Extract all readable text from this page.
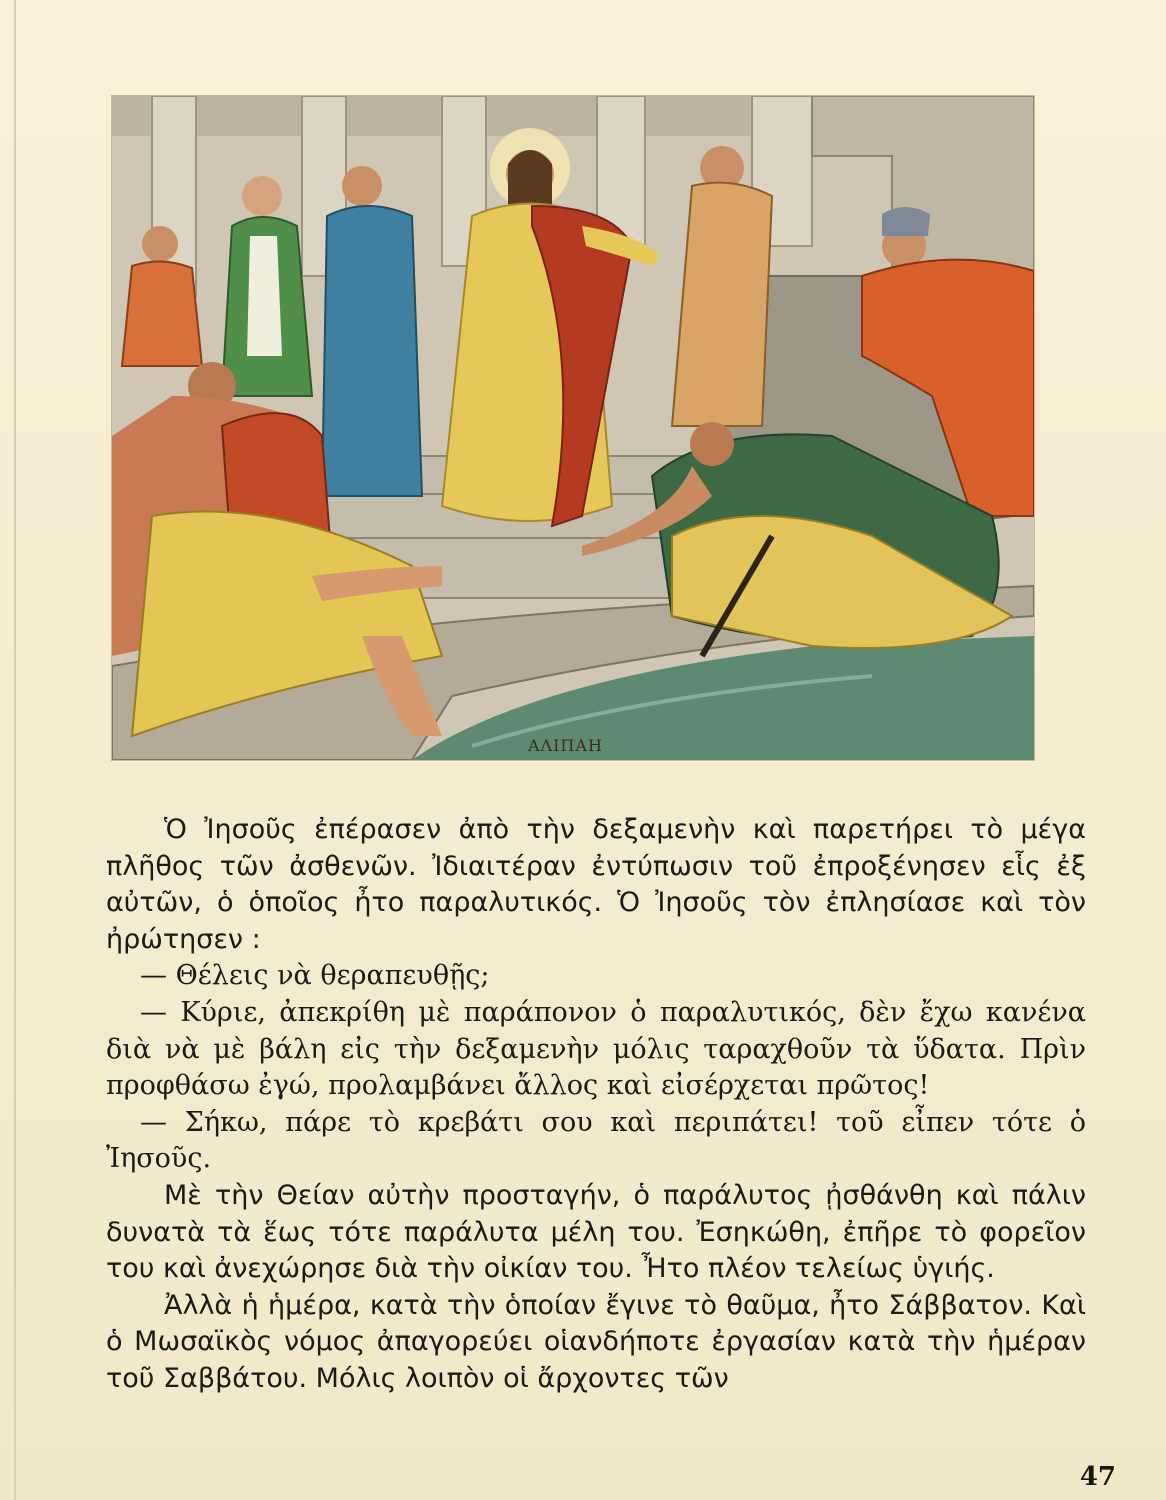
ΑΛΙΠΑΗ

Ὁ Ἰησοῦς ἐπέρασεν ἀπὸ τὴν δεξαμενὴν καὶ παρετήρει τὸ μέγα πλῆθος τῶν ἀσθενῶν. Ἰδιαιτέραν ἐντύπωσιν τοῦ ἐπροξένησεν εἷς ἐξ αὐτῶν, ὁ ὁποῖος ἦτο παραλυτικός. Ὁ Ἰησοῦς τὸν ἐπλησίασε καὶ τὸν ἠρώτησεν :

— Θέλεις νὰ θεραπευθῇς;

— Κύριε, ἀπεκρίθη μὲ παράπονον ὁ παραλυτικός, δὲν ἔχω κανένα διὰ νὰ μὲ βάλη εἰς τὴν δεξαμενὴν μόλις ταραχθοῦν τὰ ὕδατα. Πρὶν προφθάσω ἐγώ, προλαμβάνει ἄλλος καὶ εἰσέρχεται πρῶτος!

— Σήκω, πάρε τὸ κρεβάτι σου καὶ περιπάτει! τοῦ εἶπεν τότε ὁ Ἰησοῦς.

Μὲ τὴν Θείαν αὐτὴν προσταγήν, ὁ παράλυτος ᾐσθάνθη καὶ πάλιν δυνατὰ τὰ ἕως τότε παράλυτα μέλη του. Ἐσηκώθη, ἐπῆρε τὸ φορεῖον του καὶ ἀνεχώρησε διὰ τὴν οἰκίαν του. Ἦτο πλέον τελείως ὑγιής.

Ἀλλὰ ἡ ἡμέρα, κατὰ τὴν ὁποίαν ἔγινε τὸ θαῦμα, ἦτο Σάββατον. Καὶ ὁ Μωσαϊκὸς νόμος ἀπαγορεύει οἱανδήποτε ἐργασίαν κατὰ τὴν ἡμέραν τοῦ Σαββάτου. Μόλις λοιπὸν οἱ ἄρχοντες τῶν

47
